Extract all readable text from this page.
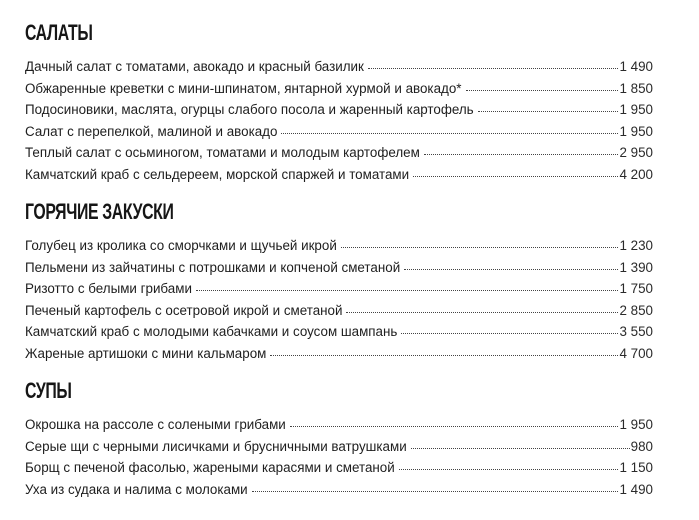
САЛАТЫ
Дачный салат с томатами, авокадо и красный базилик	1 490
Обжаренные креветки с мини-шпинатом, янтарной хурмой и авокадо*	1 850
Подосиновики, маслята, огурцы слабого посола и жаренный картофель	1 950
Салат с перепелкой, малиной и авокадо	1 950
Теплый салат с осьминогом, томатами и молодым картофелем	2 950
Камчатский краб с сельдереем, морской спаржей и томатами	4 200
ГОРЯЧИЕ ЗАКУСКИ
Голубец из кролика со сморчками и щучьей икрой	1 230
Пельмени из зайчатины с потрошками и копченой сметаной	1 390
Ризотто с белыми грибами	1 750
Печеный картофель с осетровой икрой и сметаной	2 850
Камчатский краб с молодыми кабачками и соусом шампань	3 550
Жареные артишоки с мини кальмаром	4 700
СУПЫ
Окрошка на рассоле с солеными грибами	1 950
Серые щи с черными лисичками и брусничными ватрушками	980
Борщ с печеной фасолью, жареными карасями и сметаной	1 150
Уха из судака и налима с молоками	1 490
